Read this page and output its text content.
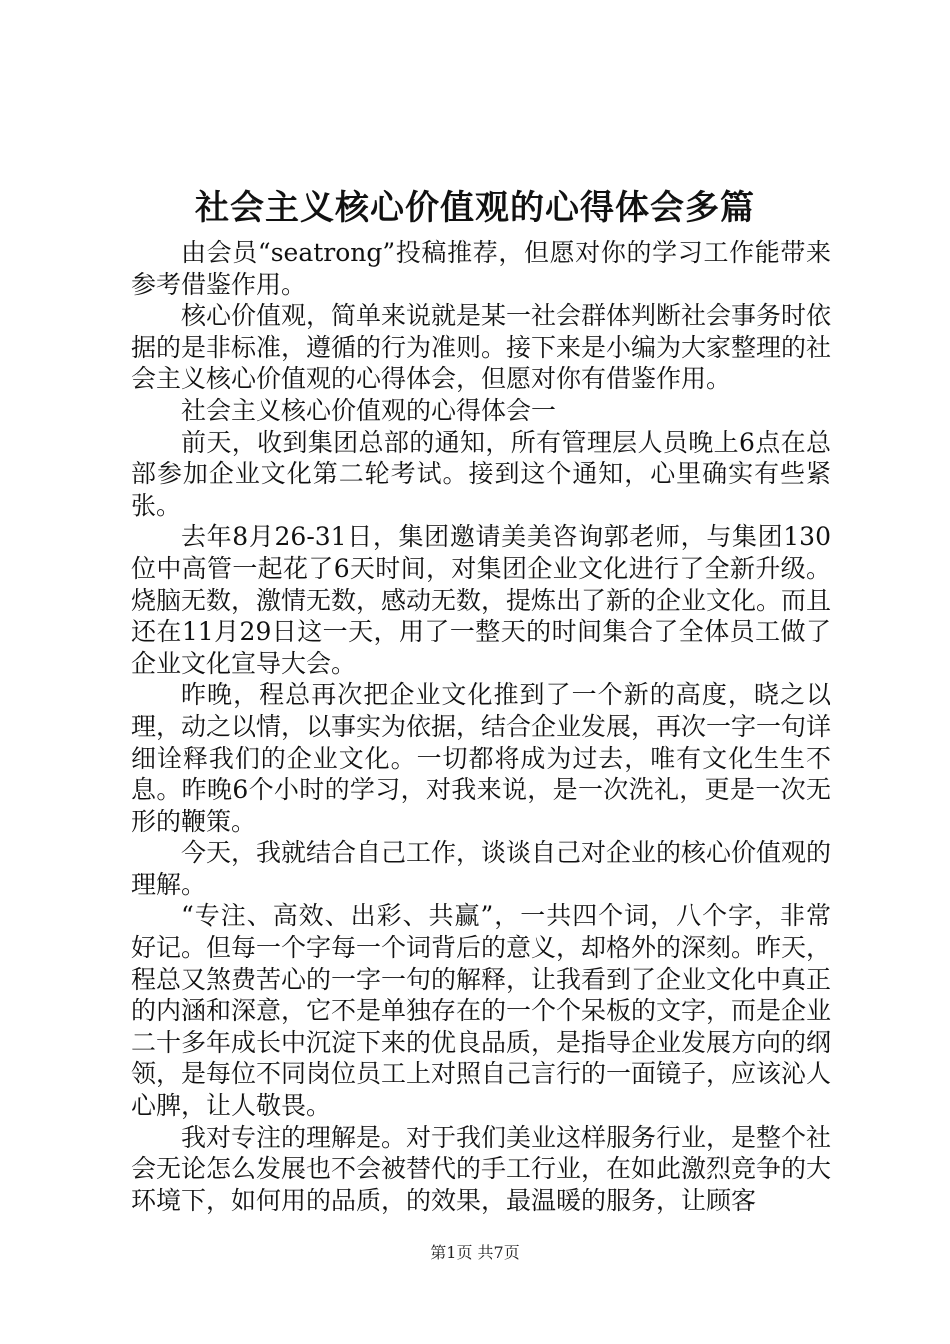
社会主义核心价值观的心得体会多篇

由会员“seatrong”投稿推荐，但愿对你的学习工作能带来参考借鉴作用。

核心价值观，简单来说就是某一社会群体判断社会事务时依据的是非标准，遵循的行为准则。接下来是小编为大家整理的社会主义核心价值观的心得体会，但愿对你有借鉴作用。

社会主义核心价值观的心得体会一

前天，收到集团总部的通知，所有管理层人员晚上6点在总部参加企业文化第二轮考试。接到这个通知，心里确实有些紧张。

去年8月26-31日，集团邀请美美咨询郭老师，与集团130位中高管一起花了6天时间，对集团企业文化进行了全新升级。烧脑无数，激情无数，感动无数，提炼出了新的企业文化。而且还在11月29日这一天，用了一整天的时间集合了全体员工做了企业文化宣导大会。

昨晚，程总再次把企业文化推到了一个新的高度，晓之以理，动之以情，以事实为依据，结合企业发展，再次一字一句详细诠释我们的企业文化。一切都将成为过去，唯有文化生生不息。昨晚6个小时的学习，对我来说，是一次洗礼，更是一次无形的鞭策。

今天，我就结合自己工作，谈谈自己对企业的核心价值观的理解。

“专注、高效、出彩、共赢”，一共四个词，八个字，非常好记。但每一个字每一个词背后的意义，却格外的深刻。昨天，程总又煞费苦心的一字一句的解释，让我看到了企业文化中真正的内涵和深意，它不是单独存在的一个个呆板的文字，而是企业二十多年成长中沉淀下来的优良品质，是指导企业发展方向的纲领，是每位不同岗位员工上对照自己言行的一面镜子，应该沁人心脾，让人敬畏。

我对专注的理解是。对于我们美业这样服务行业，是整个社会无论怎么发展也不会被替代的手工行业，在如此激烈竞争的大环境下，如何用的品质，的效果，最温暖的服务，让顾客

第1页 共7页
